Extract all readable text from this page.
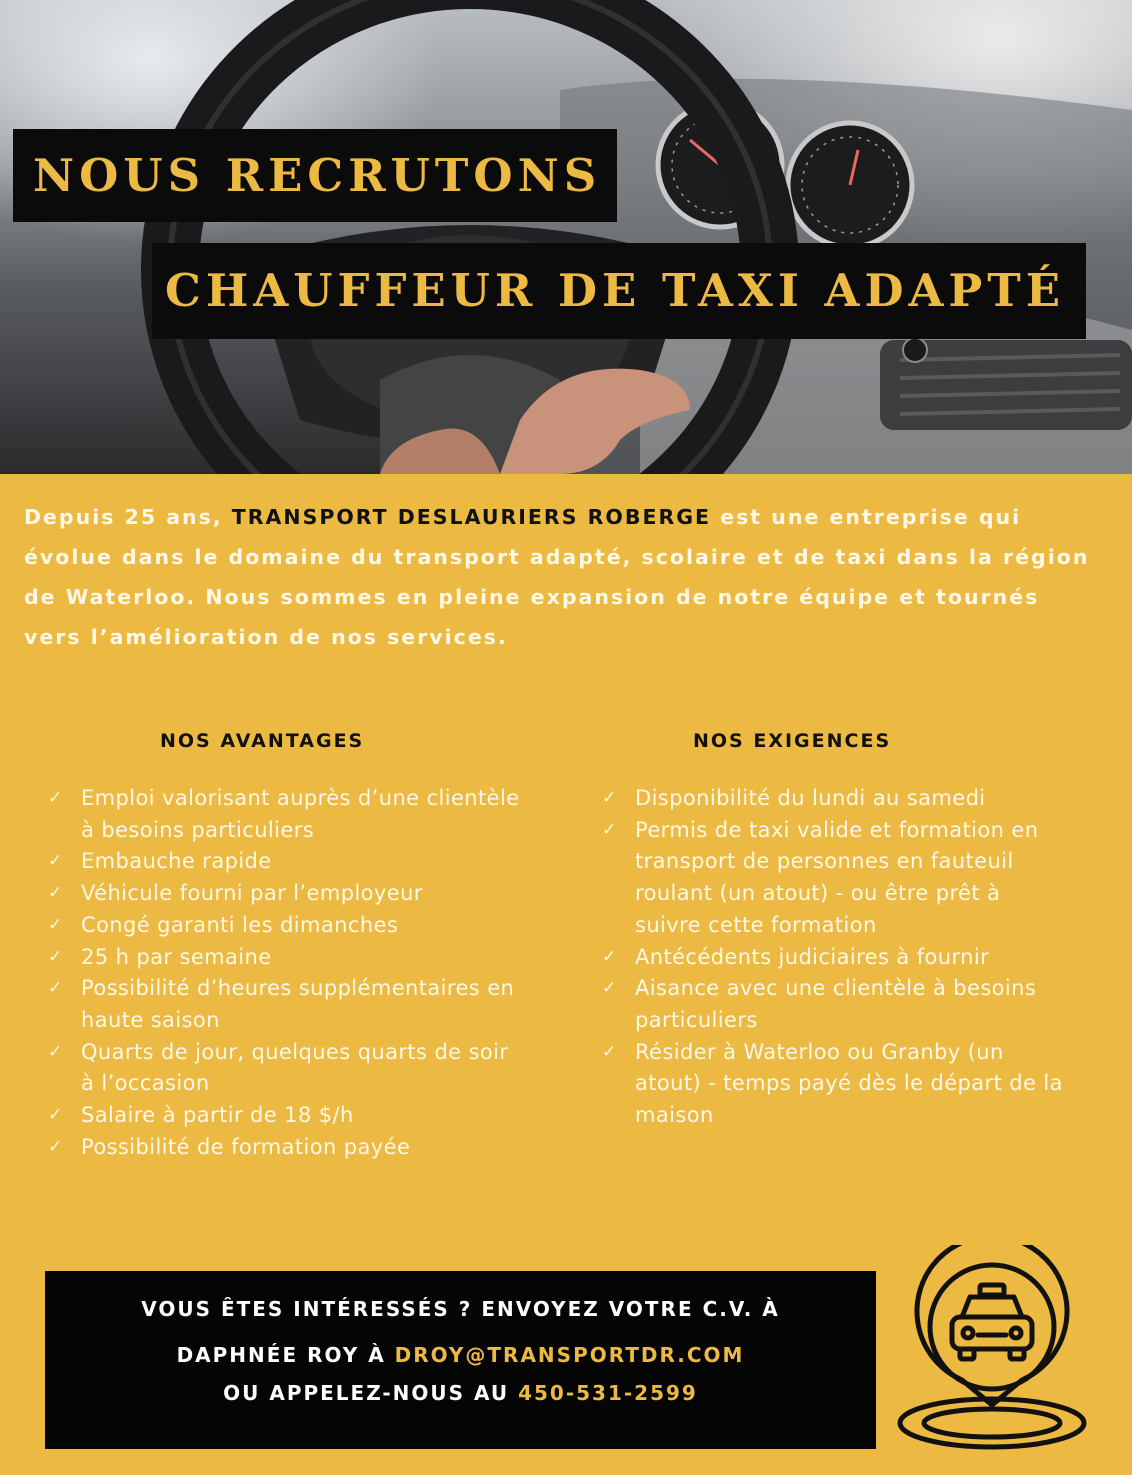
NOUS RECRUTONS
CHAUFFEUR DE TAXI ADAPTÉ
Depuis 25 ans, TRANSPORT DESLAURIERS ROBERGE est une entreprise qui évolue dans le domaine du transport adapté, scolaire et de taxi dans la région de Waterloo. Nous sommes en pleine expansion de notre équipe et tournés vers l’amélioration de nos services.
NOS AVANTAGES
✓ Emploi valorisant auprès d’une clientèle à besoins particuliers
✓ Embauche rapide
✓ Véhicule fourni par l’employeur
✓ Congé garanti les dimanches
✓ 25 h par semaine
✓ Possibilité d’heures supplémentaires en haute saison
✓ Quarts de jour, quelques quarts de soir à l’occasion
✓ Salaire à partir de 18 $/h
✓ Possibilité de formation payée
NOS EXIGENCES
✓ Disponibilité du lundi au samedi
✓ Permis de taxi valide et formation en transport de personnes en fauteuil roulant (un atout) - ou être prêt à suivre cette formation
✓ Antécédents judiciaires à fournir
✓ Aisance avec une clientèle à besoins particuliers
✓ Résider à Waterloo ou Granby (un atout) - temps payé dès le départ de la maison
VOUS ÊTES INTÉRESSÉS ? ENVOYEZ VOTRE C.V. À
DAPHNÉE ROY À DROY@TRANSPORTDR.COM
OU APPELEZ-NOUS AU 450-531-2599
